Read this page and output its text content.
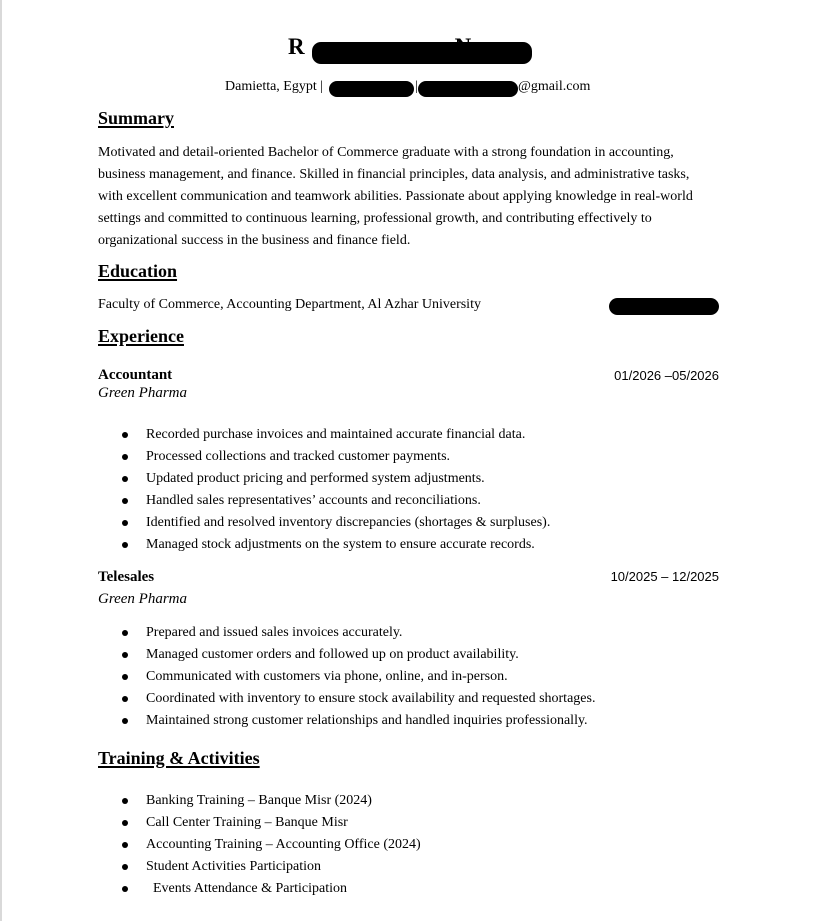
R
Damietta, Egypt |	|	@gmail.com
Summary
Motivated and detail-oriented Bachelor of Commerce graduate with a strong foundation in accounting,
business management, and finance. Skilled in financial principles, data analysis, and administrative tasks,
with excellent communication and teamwork abilities. Passionate about applying knowledge in real-world
settings and committed to continuous learning, professional growth, and contributing effectively to
organizational success in the business and finance field.
Education
Faculty of Commerce, Accounting Department, Al Azhar University
Experience
Accountant	01/2026 –05/2026
Green Pharma
Recorded purchase invoices and maintained accurate financial data.
Processed collections and tracked customer payments.
Updated product pricing and performed system adjustments.
Handled sales representatives’ accounts and reconciliations.
Identified and resolved inventory discrepancies (shortages & surpluses).
Managed stock adjustments on the system to ensure accurate records.
Telesales	10/2025 – 12/2025
Green Pharma
Prepared and issued sales invoices accurately.
Managed customer orders and followed up on product availability.
Communicated with customers via phone, online, and in-person.
Coordinated with inventory to ensure stock availability and requested shortages.
Maintained strong customer relationships and handled inquiries professionally.
Training & Activities
Banking Training – Banque Misr (2024)
Call Center Training – Banque Misr
Accounting Training – Accounting Office (2024)
Student Activities Participation
Events Attendance & Participation
